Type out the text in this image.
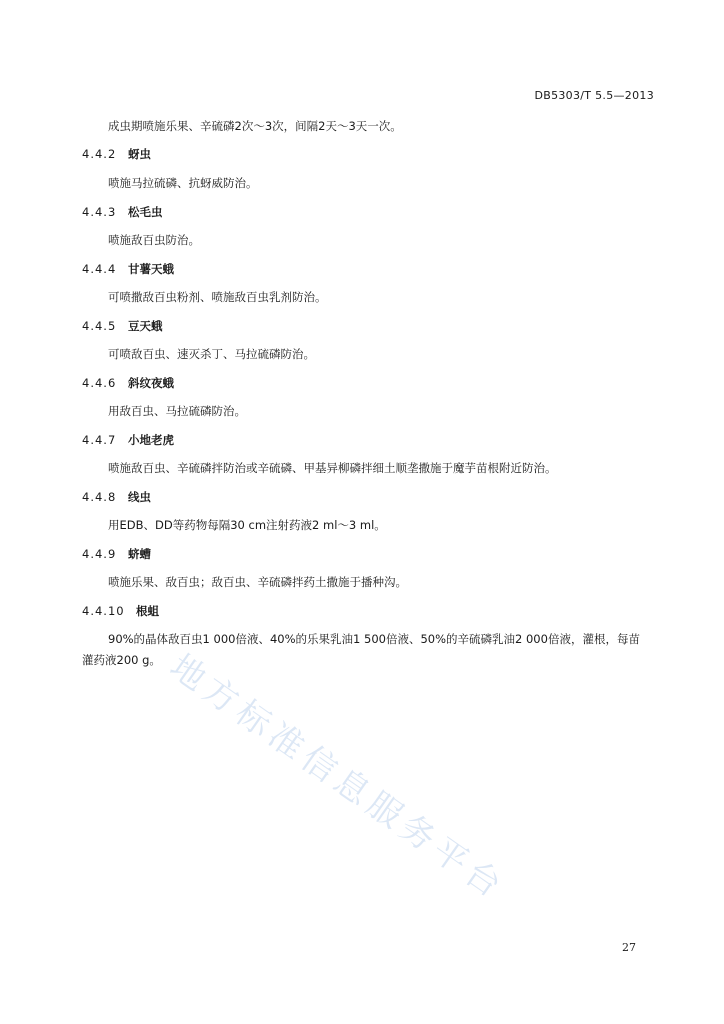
DB5303/T 5.5—2013
成虫期喷施乐果、辛硫磷2次～3次，间隔2天～3天一次。
4.4.2 蚜虫
喷施马拉硫磷、抗蚜威防治。
4.4.3 松毛虫
喷施敌百虫防治。
4.4.4 甘薯天蛾
可喷撒敌百虫粉剂、喷施敌百虫乳剂防治。
4.4.5 豆天蛾
可喷敌百虫、速灭杀丁、马拉硫磷防治。
4.4.6 斜纹夜蛾
用敌百虫、马拉硫磷防治。
4.4.7 小地老虎
喷施敌百虫、辛硫磷拌防治或辛硫磷、甲基异柳磷拌细土顺垄撒施于魔芋苗根附近防治。
4.4.8 线虫
用EDB、DD等药物每隔30 cm注射药液2 ml～3 ml。
4.4.9 蛴螬
喷施乐果、敌百虫；敌百虫、辛硫磷拌药土撒施于播种沟。
4.4.10 根蛆
90%的晶体敌百虫1 000倍液、40%的乐果乳油1 500倍液、50%的辛硫磷乳油2 000倍液，灌根，每苗
灌药液200 g。 地方标准信息服务平台
27
